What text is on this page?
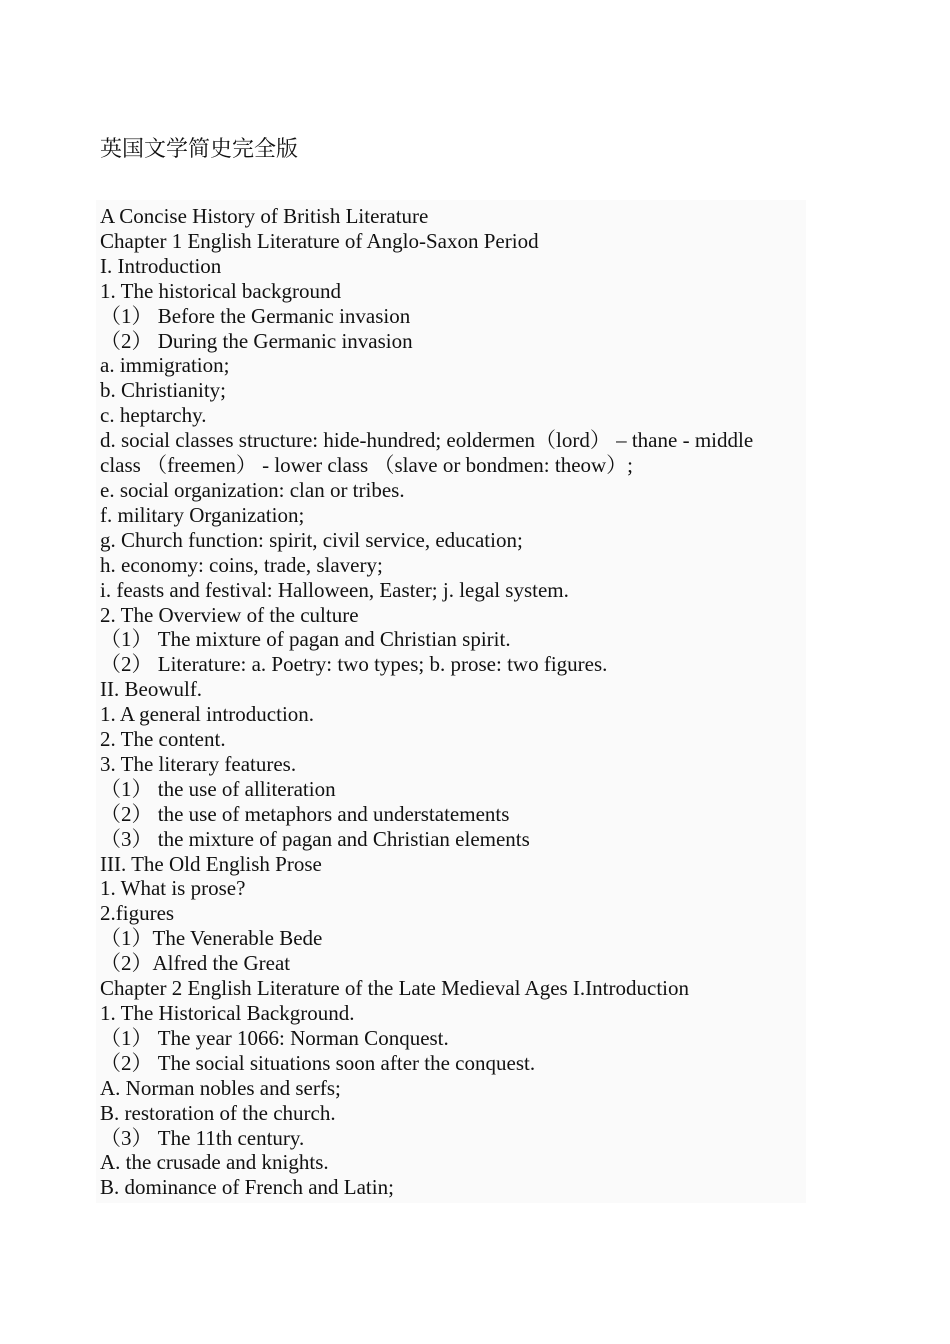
英国文学简史完全版
A Concise History of British Literature
Chapter 1 English Literature of Anglo-Saxon Period
I. Introduction
1. The historical background
（1） Before the Germanic invasion
（2） During the Germanic invasion
a. immigration;
b. Christianity;
c. heptarchy.
d. social classes structure: hide-hundred; eoldermen（lord） – thane - middle
class （freemen） - lower class （slave or bondmen: theow）;
e. social organization: clan or tribes.
f. military Organization;
g. Church function: spirit, civil service, education;
h. economy: coins, trade, slavery;
i. feasts and festival: Halloween, Easter; j. legal system.
2. The Overview of the culture
（1） The mixture of pagan and Christian spirit.
（2） Literature: a. Poetry: two types; b. prose: two figures.
II. Beowulf.
1. A general introduction.
2. The content.
3. The literary features.
（1） the use of alliteration
（2） the use of metaphors and understatements
（3） the mixture of pagan and Christian elements
III. The Old English Prose
1. What is prose?
2.figures
（1）The Venerable Bede
（2）Alfred the Great
Chapter 2 English Literature of the Late Medieval Ages I.Introduction
1. The Historical Background.
（1） The year 1066: Norman Conquest.
（2） The social situations soon after the conquest.
A. Norman nobles and serfs;
B. restoration of the church.
（3） The 11th century.
A. the crusade and knights.
B. dominance of French and Latin;
